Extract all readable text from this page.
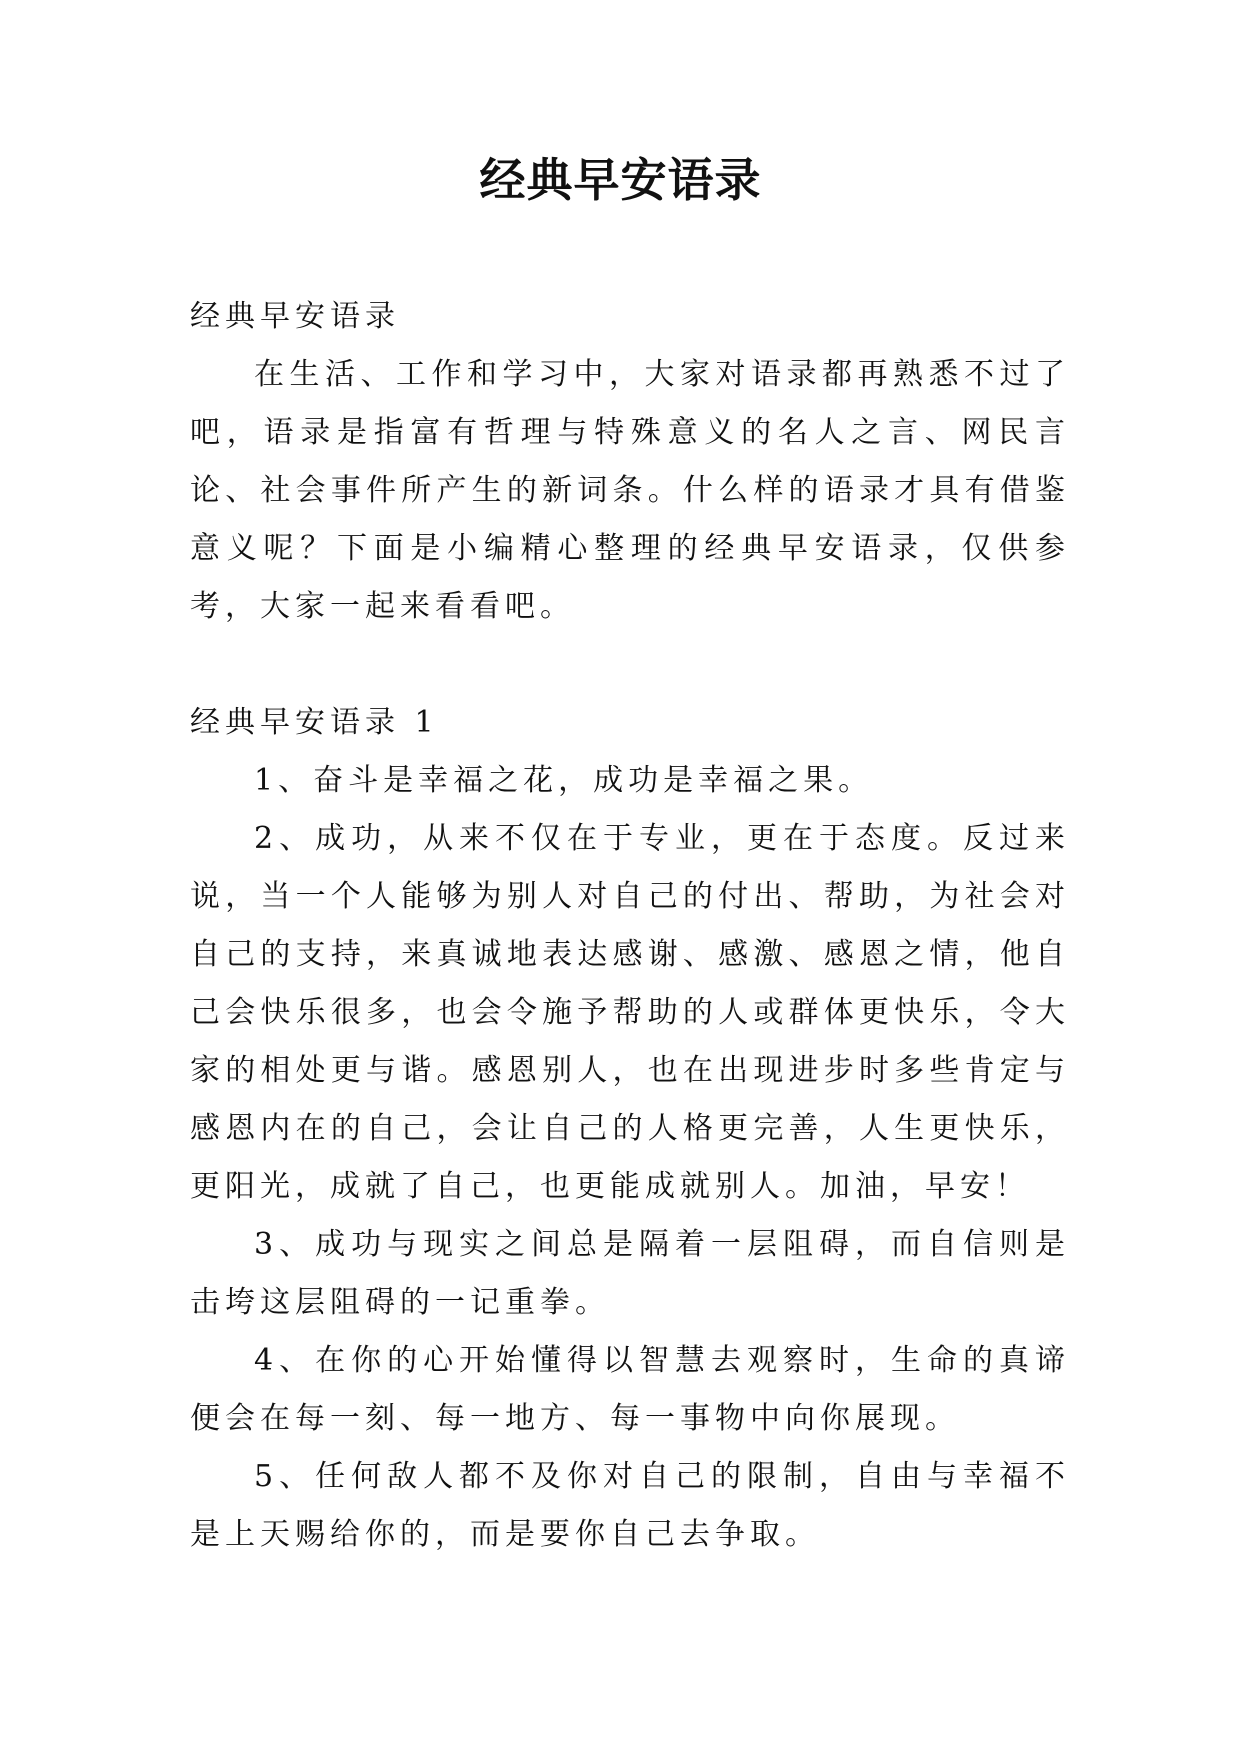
经典早安语录

经典早安语录

在生活、工作和学习中，大家对语录都再熟悉不过了吧，语录是指富有哲理与特殊意义的名人之言、网民言论、社会事件所产生的新词条。什么样的语录才具有借鉴意义呢？下面是小编精心整理的经典早安语录，仅供参考，大家一起来看看吧。

经典早安语录 1

1、奋斗是幸福之花，成功是幸福之果。

2、成功，从来不仅在于专业，更在于态度。反过来说，当一个人能够为别人对自己的付出、帮助，为社会对自己的支持，来真诚地表达感谢、感激、感恩之情，他自己会快乐很多，也会令施予帮助的人或群体更快乐，令大家的相处更与谐。感恩别人，也在出现进步时多些肯定与感恩内在的自己，会让自己的人格更完善，人生更快乐，更阳光，成就了自己，也更能成就别人。加油，早安！

3、成功与现实之间总是隔着一层阻碍，而自信则是击垮这层阻碍的一记重拳。

4、在你的心开始懂得以智慧去观察时，生命的真谛便会在每一刻、每一地方、每一事物中向你展现。

5、任何敌人都不及你对自己的限制，自由与幸福不是上天赐给你的，而是要你自己去争取。
